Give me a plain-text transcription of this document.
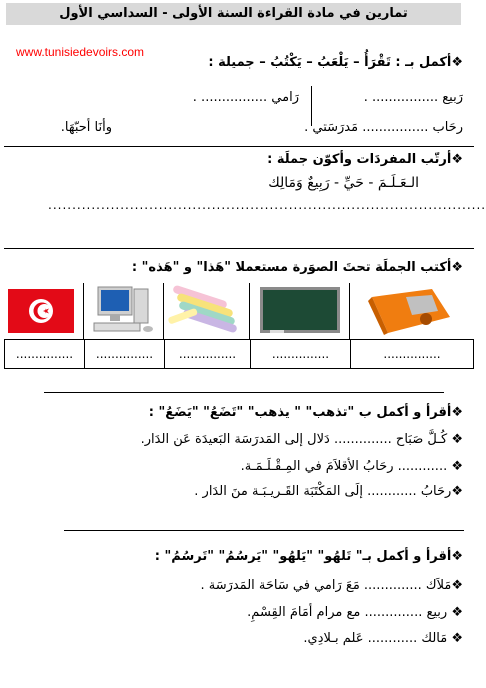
تمارين في مادة القراءة السنة الأولى - السداسي الأول
www.tunisiedevoirs.com
❖أكمل بـ : تَقْرَأُ – يَلْعَبُ – يَكْتُبُ – جميلة :
رَبيع ................ .
رَامي ................ .
رحَاب ................ مَدرَسَتي .
وأنَا أحبّهَا.
❖أرتّب المفردَات وأكوّن جملَة :
الـعَـلَـمَ - حَيِّ - رَبِيعٌ وَمَالِك
...........................................................................................
❖أكتب الجملَة تحتَ الصوَرة مستعملا "هَذا" و "هَذه" :
...............	...............	...............	...............	...............
❖أقرأ و أكمل ب "تذهب" " يذهب" "تَضَعُ" "يَضَعُ" :
❖ كُـلَّ صَبَاح .............. دَلال إلى المَدرَسَة البَعيدَة عَن الدَار.
❖ ............ رحَابُ الأقلاَمَ في المِـقْـلَـمَـة.
❖رحَابُ ............ إلَى المَكْتَبَة القَـريـبَـة منَ الدَار .
❖أقرأ و أكمل بـ" تَلهُو" "يَلهُو" "يَرسُمُ" "تَرسُمُ" :
❖مَلاَك .............. مَعَ رَامي في سَاحَة المَدرَسَة .
❖ ربيع .............. مع مرام أمَامَ القِسْمِ.
❖ مَالك ............ عَلم بـلادِي.
